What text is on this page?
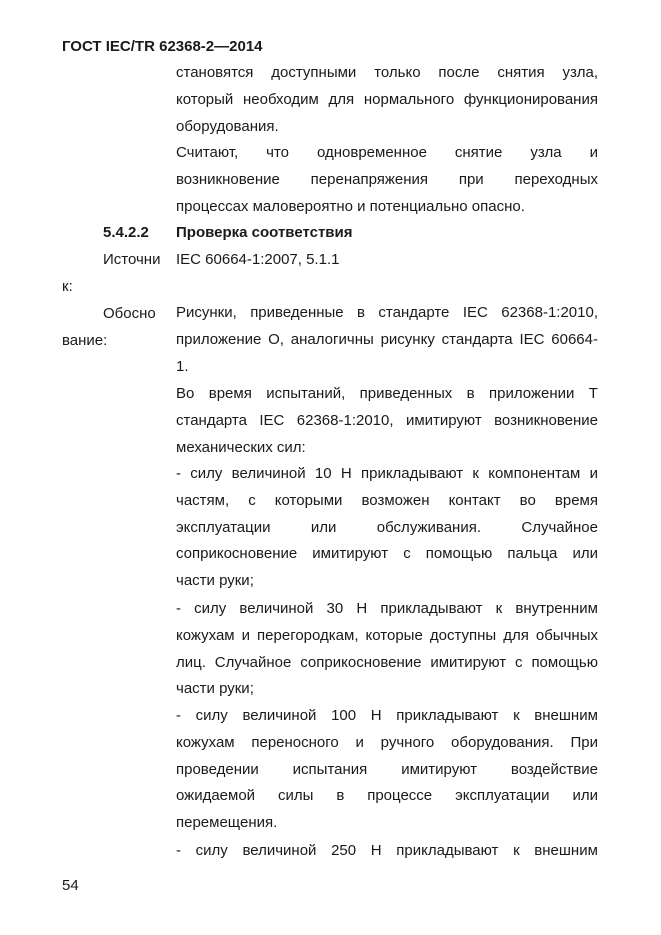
ГОСТ IEC/TR 62368-2—2014
становятся доступными только после снятия узла,
который необходим для нормального функционирования
оборудования.
Считают, что одновременное снятие узла и
возникновение перенапряжения при переходных
процессах маловероятно и потенциально опасно.
5.4.2.2 Проверка соответствия
Источни IEC 60664-1:2007, 5.1.1
к:
Обосно
вание:
Рисунки, приведенные в стандарте IEC 62368-1:2010,
приложение О, аналогичны рисунку стандарта IEC 60664-
1.
Во время испытаний, приведенных в приложении Т
стандарта IEC 62368-1:2010, имитируют возникновение
механических сил:
- силу величиной 10 Н прикладывают к компонентам и
частям, с которыми возможен контакт во время
эксплуатации	или	обслуживания.	Случайное
соприкосновение имитируют с помощью пальца или
части руки;
- силу величиной 30 Н прикладывают к внутренним
кожухам и перегородкам, которые доступны для обычных
лиц. Случайное соприкосновение имитируют с помощью
части руки;
- силу величиной 100 Н прикладывают к внешним
кожухам переносного и ручного оборудования. При
проведении испытания имитируют воздействие
ожидаемой силы в процессе эксплуатации или
перемещения.
- силу величиной 250 Н прикладывают к внешним
54
